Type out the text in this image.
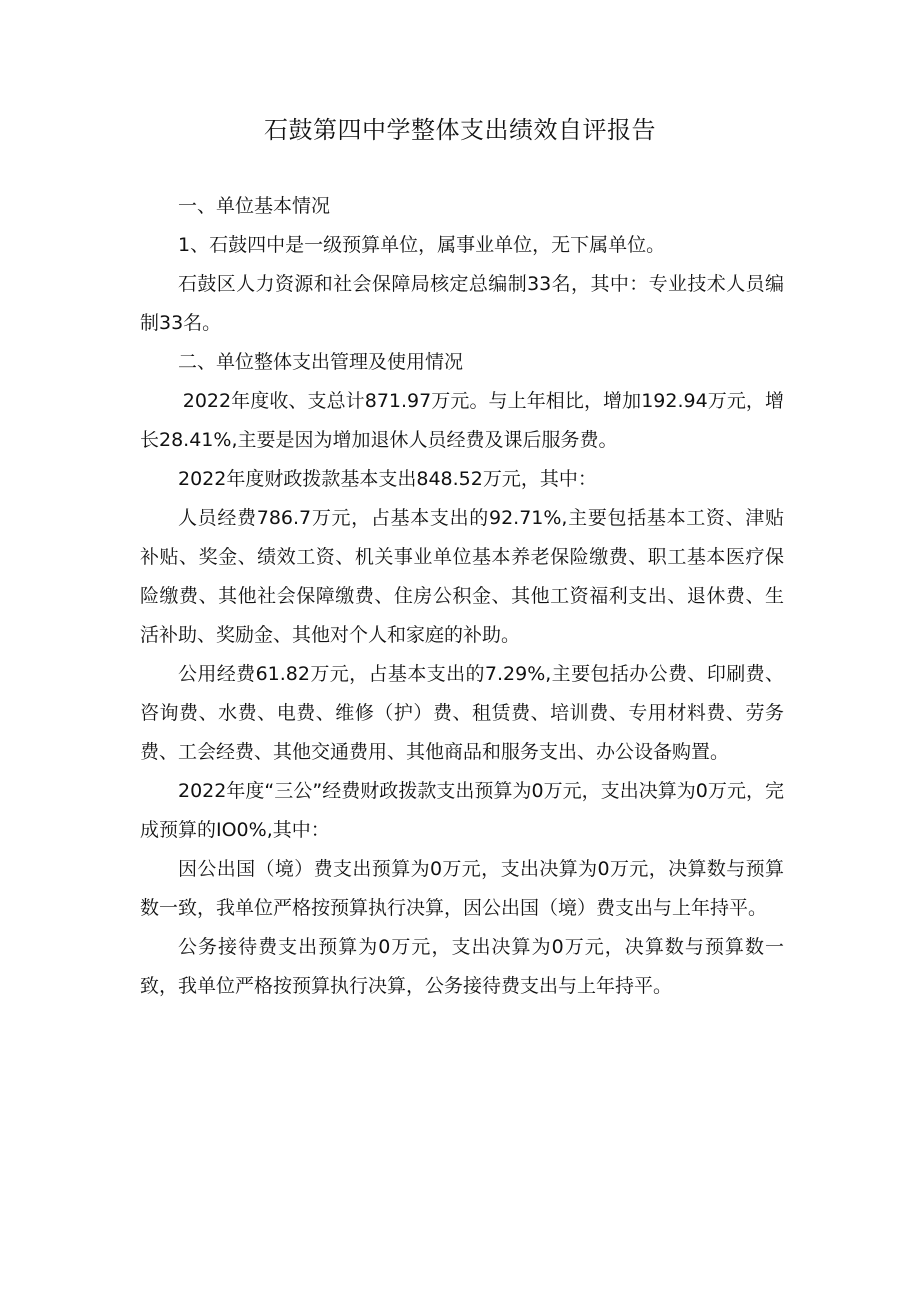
石鼓第四中学整体支出绩效自评报告

一、单位基本情况

1、石鼓四中是一级预算单位，属事业单位，无下属单位。

石鼓区人力资源和社会保障局核定总编制33名，其中：专业技术人员编制33名。

二、单位整体支出管理及使用情况

2022年度收、支总计871.97万元。与上年相比，增加192.94万元，增长28.41%,主要是因为增加退休人员经费及课后服务费。

2022年度财政拨款基本支出848.52万元，其中：

人员经费786.7万元，占基本支出的92.71%,主要包括基本工资、津贴补贴、奖金、绩效工资、机关事业单位基本养老保险缴费、职工基本医疗保险缴费、其他社会保障缴费、住房公积金、其他工资福利支出、退休费、生活补助、奖励金、其他对个人和家庭的补助。

公用经费61.82万元，占基本支出的7.29%,主要包括办公费、印刷费、咨询费、水费、电费、维修（护）费、租赁费、培训费、专用材料费、劳务费、工会经费、其他交通费用、其他商品和服务支出、办公设备购置。

2022年度“三公”经费财政拨款支出预算为0万元，支出决算为0万元，完成预算的IO0%,其中：

因公出国（境）费支出预算为0万元，支出决算为0万元，决算数与预算数一致，我单位严格按预算执行决算，因公出国（境）费支出与上年持平。

公务接待费支出预算为0万元，支出决算为0万元，决算数与预算数一致，我单位严格按预算执行决算，公务接待费支出与上年持平。
